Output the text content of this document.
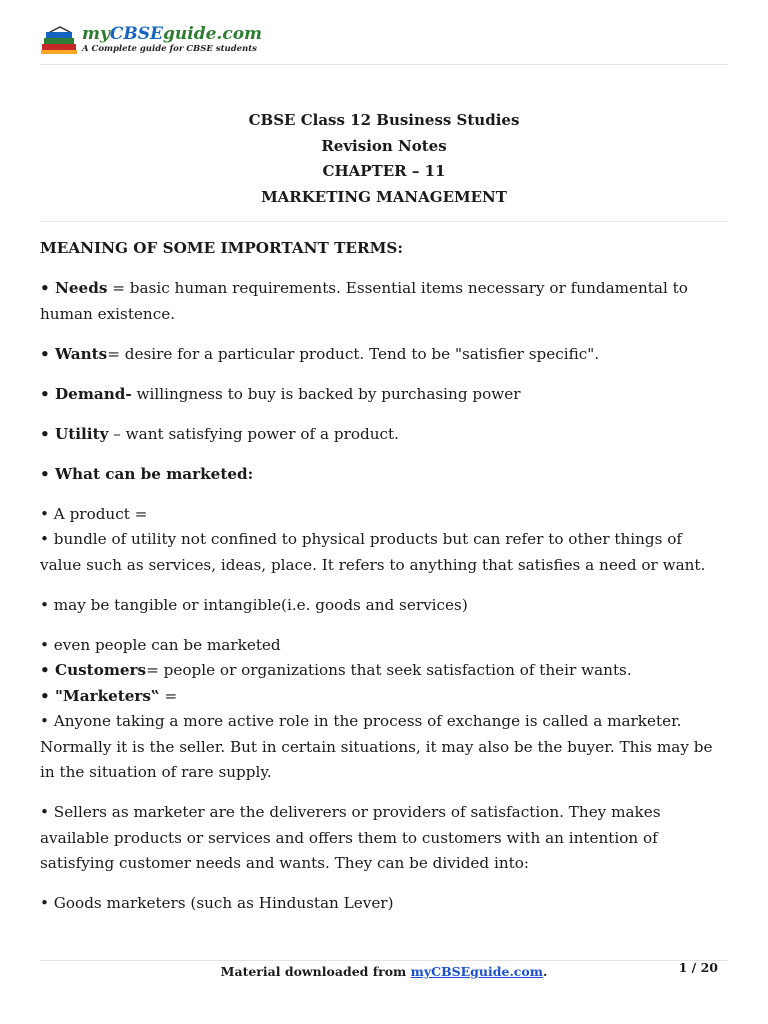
myCBSEguide.com
A Complete guide for CBSE students
CBSE Class 12 Business Studies
Revision Notes
CHAPTER – 11
MARKETING MANAGEMENT

MEANING OF SOME IMPORTANT TERMS:

• Needs = basic human requirements. Essential items necessary or fundamental to human existence.

• Wants= desire for a particular product. Tend to be "satisfier specific".

• Demand- willingness to buy is backed by purchasing power

• Utility – want satisfying power of a product.

• What can be marketed:

• A product =

• bundle of utility not confined to physical products but can refer to other things of value such as services, ideas, place. It refers to anything that satisfies a need or want.

• may be tangible or intangible(i.e. goods and services)

• even people can be marketed

• Customers= people or organizations that seek satisfaction of their wants.

• "Marketers‟ =

• Anyone taking a more active role in the process of exchange is called a marketer. Normally it is the seller. But in certain situations, it may also be the buyer. This may be in the situation of rare supply.

• Sellers as marketer are the deliverers or providers of satisfaction. They makes available products or services and offers them to customers with an intention of satisfying customer needs and wants. They can be divided into:

• Goods marketers (such as Hindustan Lever)

Material downloaded from myCBSEguide.com.	1 / 20
